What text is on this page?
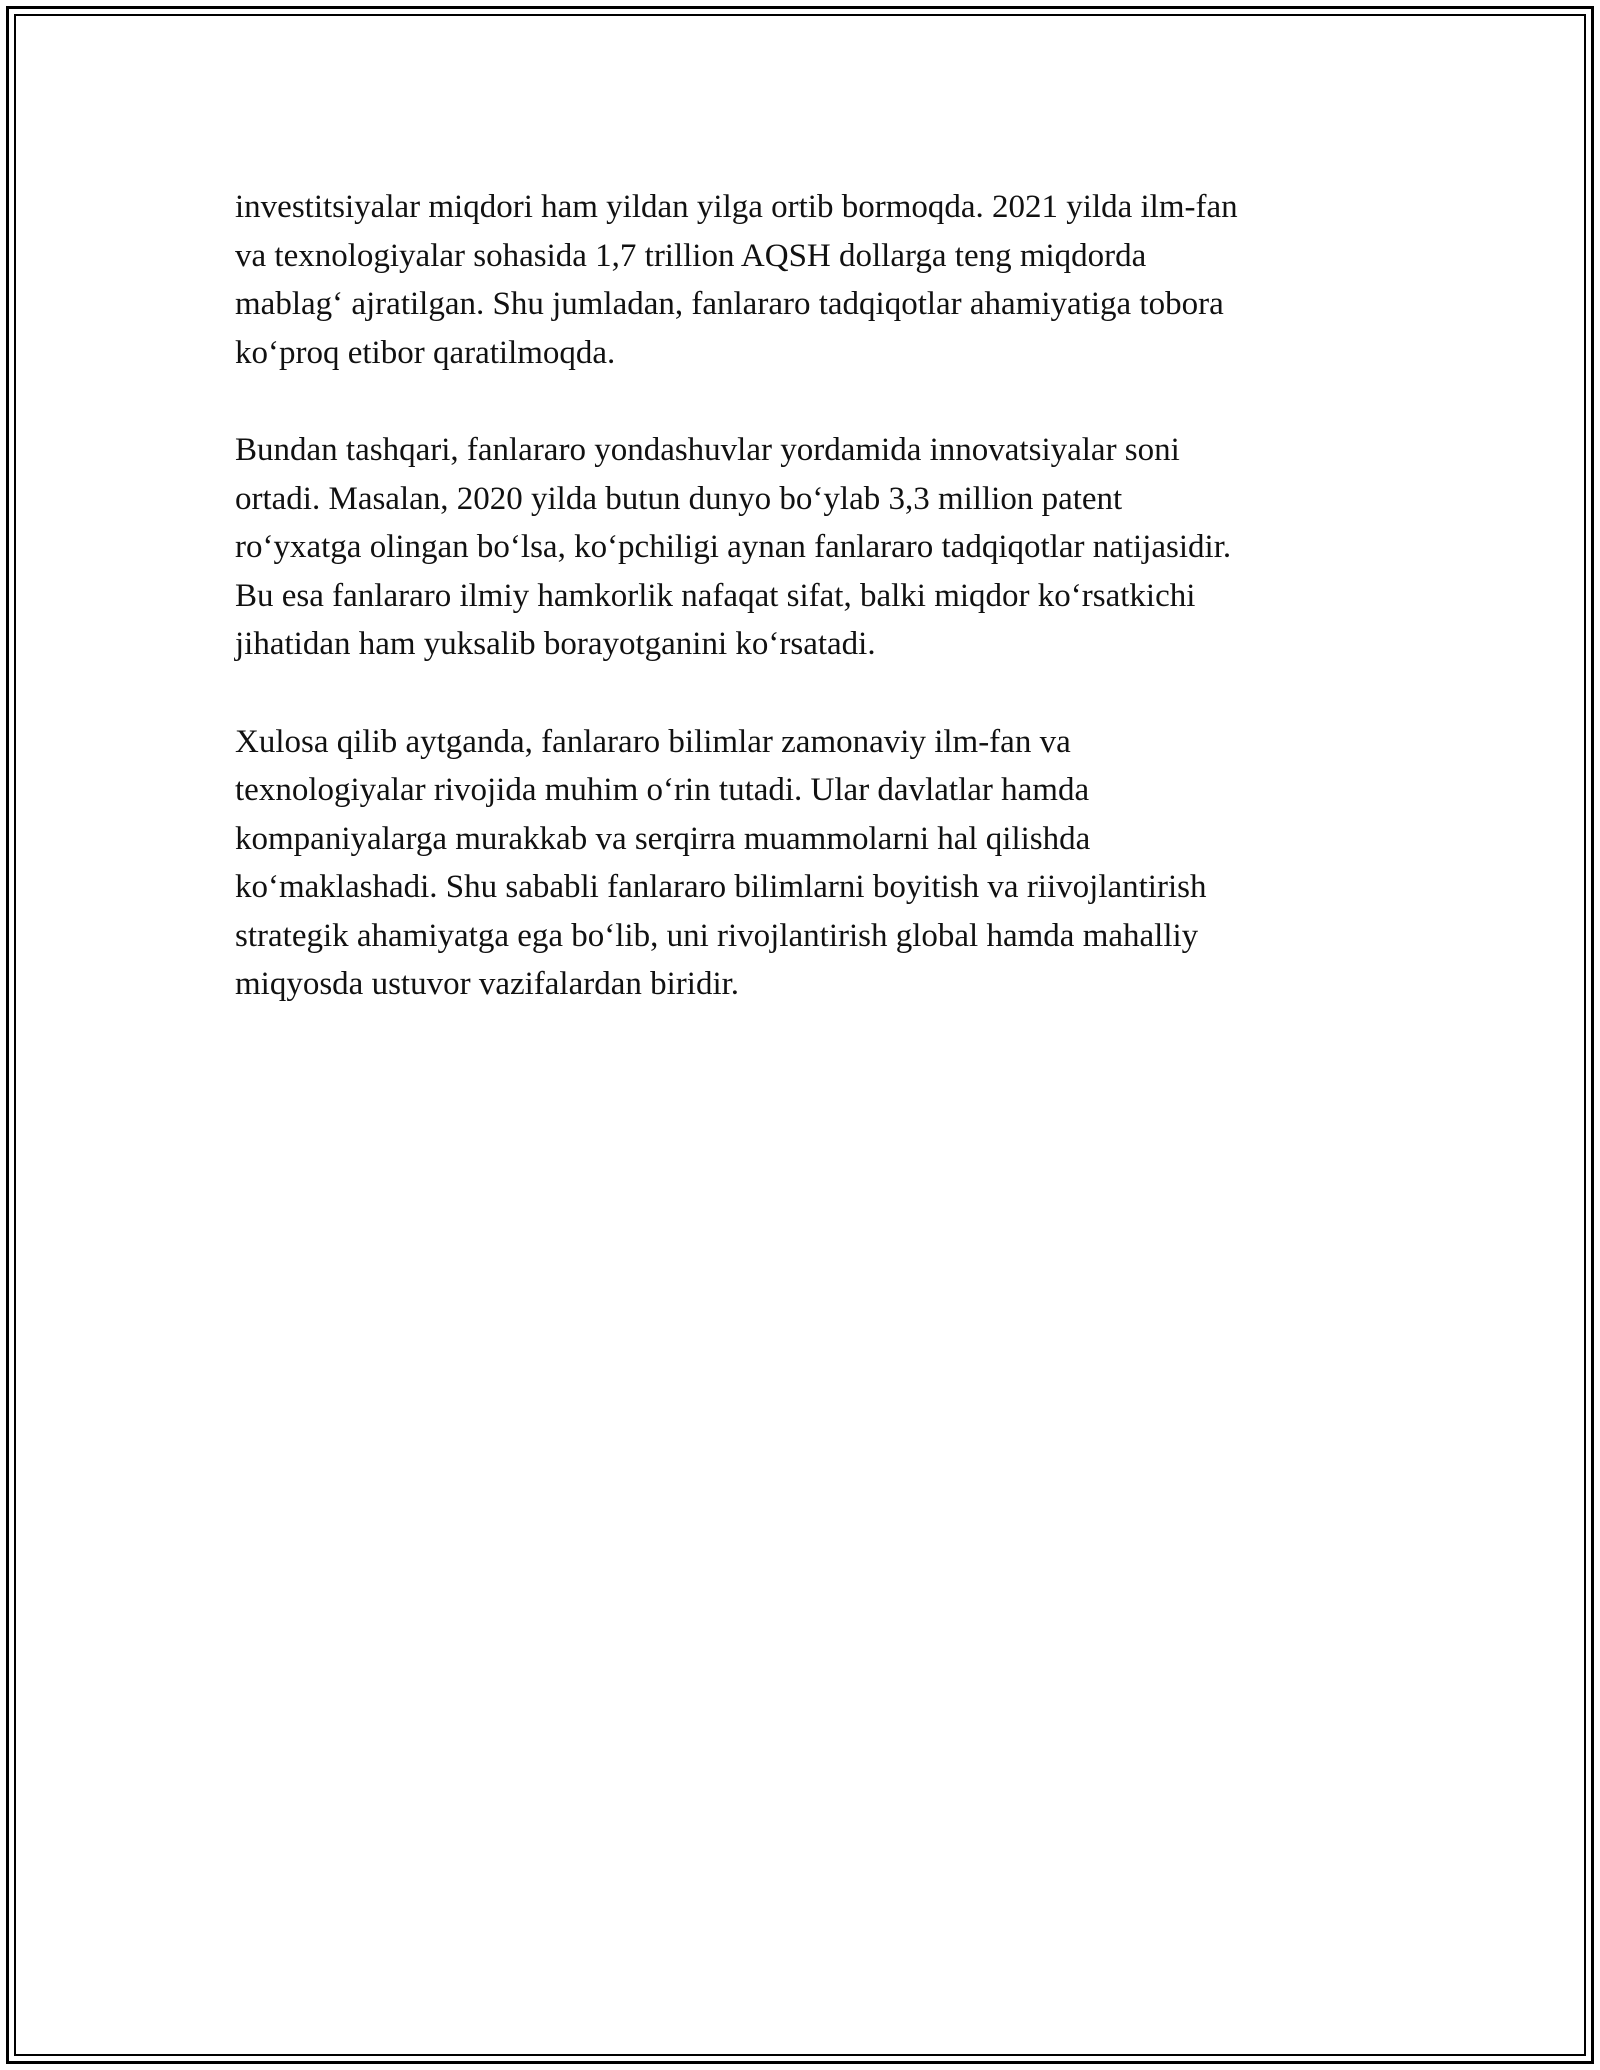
investitsiyalar miqdori ham yildan yilga ortib bormoqda. 2021 yilda ilm-fan
va texnologiyalar sohasida 1,7 trillion AQSH dollarga teng miqdorda
mablag‘ ajratilgan. Shu jumladan, fanlararo tadqiqotlar ahamiyatiga tobora
ko‘proq etibor qaratilmoqda.

Bundan tashqari, fanlararo yondashuvlar yordamida innovatsiyalar soni
ortadi. Masalan, 2020 yilda butun dunyo bo‘ylab 3,3 million patent
ro‘yxatga olingan bo‘lsa, ko‘pchiligi aynan fanlararo tadqiqotlar natijasidir.
Bu esa fanlararo ilmiy hamkorlik nafaqat sifat, balki miqdor ko‘rsatkichi
jihatidan ham yuksalib borayotganini ko‘rsatadi.

Xulosa qilib aytganda, fanlararo bilimlar zamonaviy ilm-fan va
texnologiyalar rivojida muhim o‘rin tutadi. Ular davlatlar hamda
kompaniyalarga murakkab va serqirra muammolarni hal qilishda
ko‘maklashadi. Shu sababli fanlararo bilimlarni boyitish va riivojlantirish
strategik ahamiyatga ega bo‘lib, uni rivojlantirish global hamda mahalliy
miqyosda ustuvor vazifalardan biridir.
